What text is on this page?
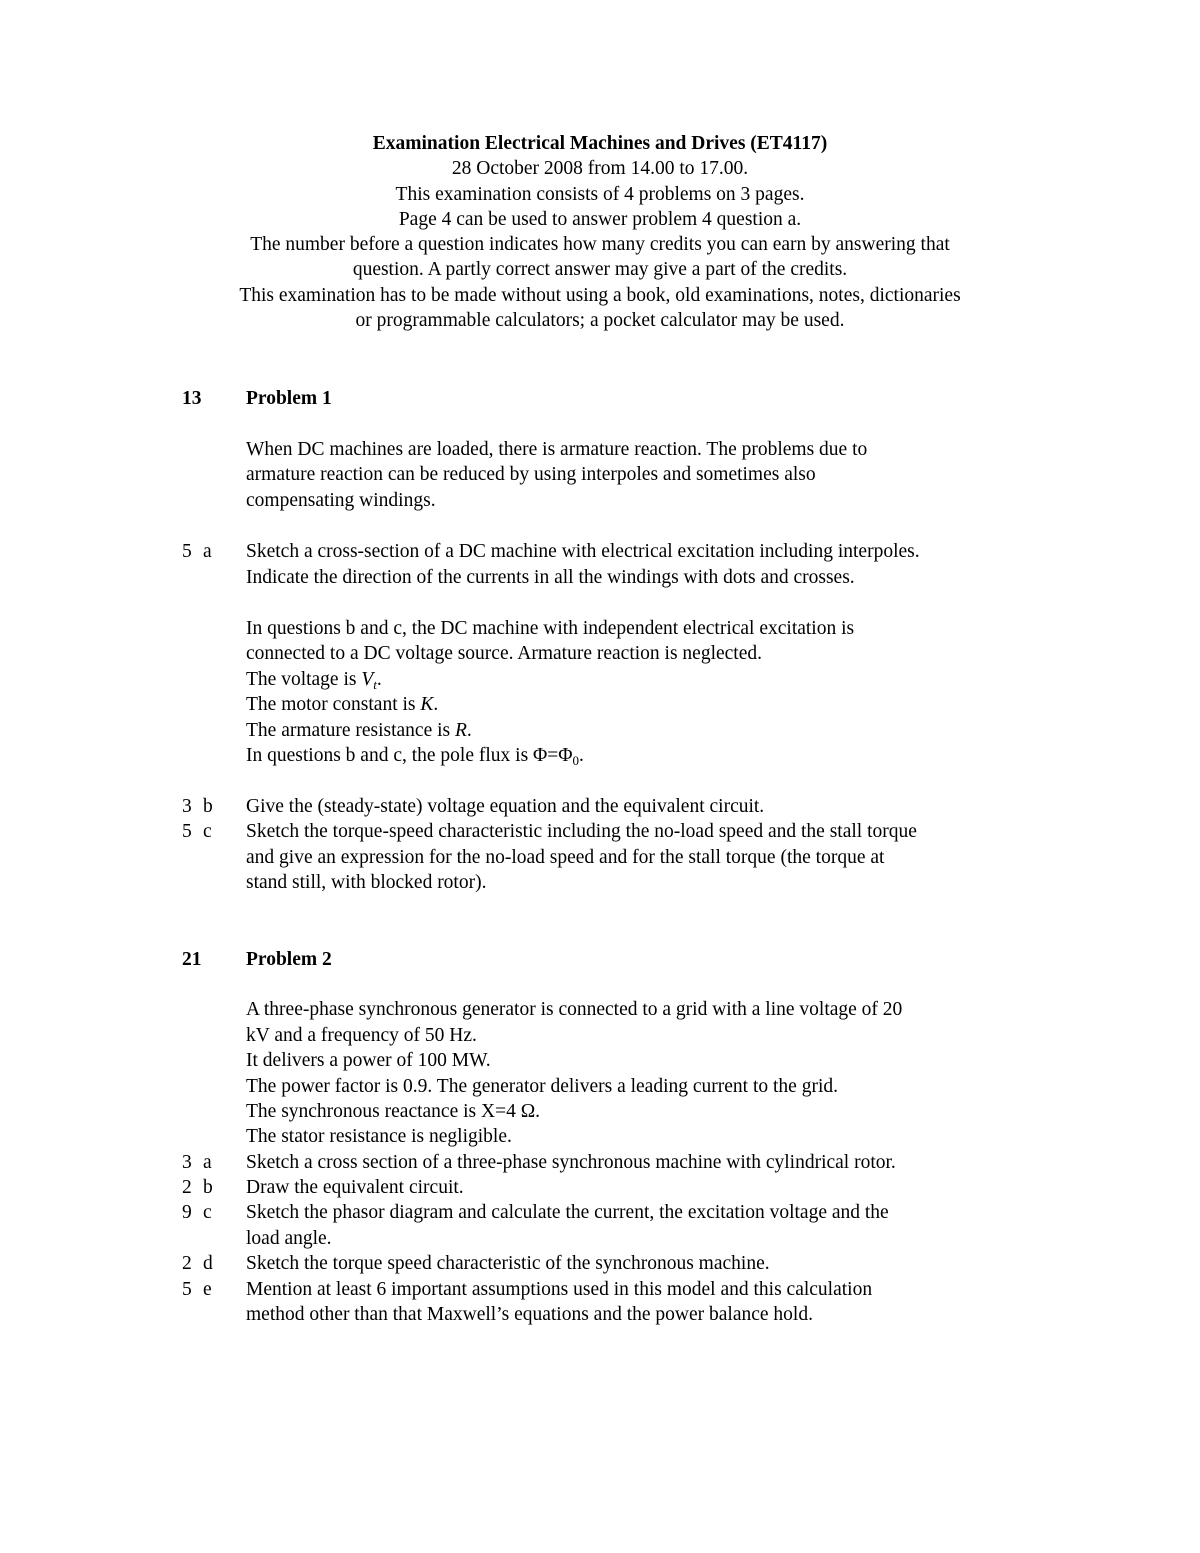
Examination Electrical Machines and Drives (ET4117)
28 October 2008 from 14.00 to 17.00.
This examination consists of 4 problems on 3 pages.
Page 4 can be used to answer problem 4 question a.
The number before a question indicates how many credits you can earn by answering that
question. A partly correct answer may give a part of the credits.
This examination has to be made without using a book, old examinations, notes, dictionaries
or programmable calculators; a pocket calculator may be used.
13 Problem 1
When DC machines are loaded, there is armature reaction. The problems due to
armature reaction can be reduced by using interpoles and sometimes also
compensating windings.
5 a Sketch a cross-section of a DC machine with electrical excitation including interpoles.
Indicate the direction of the currents in all the windings with dots and crosses.
In questions b and c, the DC machine with independent electrical excitation is
connected to a DC voltage source. Armature reaction is neglected.
The voltage is $V_t$.
The motor constant is K.
The armature resistance is R.
In questions b and c, the pole flux is $\Phi=\Phi_0$.
3 b Give the (steady-state) voltage equation and the equivalent circuit.
5 c Sketch the torque-speed characteristic including the no-load speed and the stall torque
and give an expression for the no-load speed and for the stall torque (the torque at
stand still, with blocked rotor).
21 Problem 2
A three-phase synchronous generator is connected to a grid with a line voltage of 20
kV and a frequency of 50 Hz.
It delivers a power of 100 MW.
The power factor is 0.9. The generator delivers a leading current to the grid.
The synchronous reactance is X=4 Ω.
The stator resistance is negligible.
3 a Sketch a cross section of a three-phase synchronous machine with cylindrical rotor.
2 b Draw the equivalent circuit.
9 c Sketch the phasor diagram and calculate the current, the excitation voltage and the
load angle.
2 d Sketch the torque speed characteristic of the synchronous machine.
5 e Mention at least 6 important assumptions used in this model and this calculation
method other than that Maxwell’s equations and the power balance hold.
